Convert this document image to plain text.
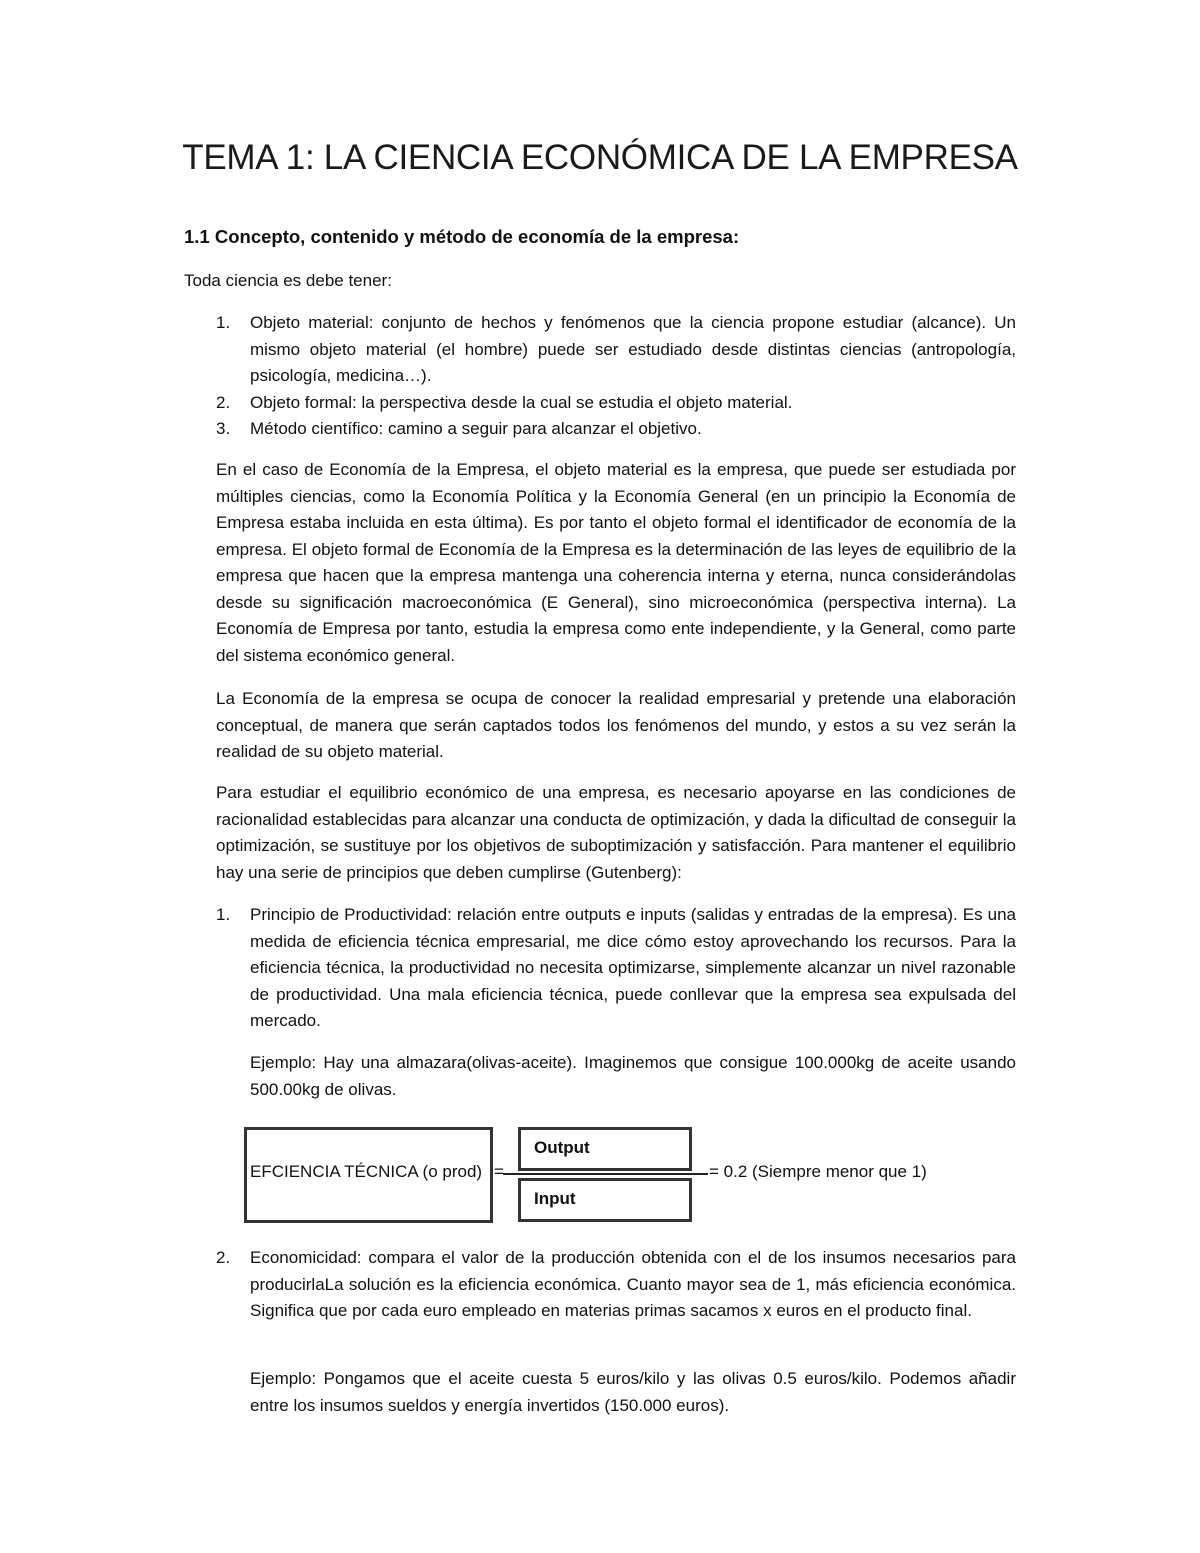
TEMA 1: LA CIENCIA ECONÓMICA DE LA EMPRESA
1.1 Concepto, contenido y método de economía de la empresa:
Toda ciencia es debe tener:
1. Objeto material: conjunto de hechos y fenómenos que la ciencia propone estudiar (alcance). Un mismo objeto material (el hombre) puede ser estudiado desde distintas ciencias (antropología, psicología, medicina…).
2. Objeto formal: la perspectiva desde la cual se estudia el objeto material.
3. Método científico: camino a seguir para alcanzar el objetivo.
En el caso de Economía de la Empresa, el objeto material es la empresa, que puede ser estudiada por múltiples ciencias, como la Economía Política y la Economía General (en un principio la Economía de Empresa estaba incluida en esta última). Es por tanto el objeto formal el identificador de economía de la empresa. El objeto formal de Economía de la Empresa es la determinación de las leyes de equilibrio de la empresa que hacen que la empresa mantenga una coherencia interna y eterna, nunca considerándolas desde su significación macroeconómica (E General), sino microeconómica (perspectiva interna). La Economía de Empresa por tanto, estudia la empresa como ente independiente, y la General, como parte del sistema económico general.
La Economía de la empresa se ocupa de conocer la realidad empresarial y pretende una elaboración conceptual, de manera que serán captados todos los fenómenos del mundo, y estos a su vez serán la realidad de su objeto material.
Para estudiar el equilibrio económico de una empresa, es necesario apoyarse en las condiciones de racionalidad establecidas para alcanzar una conducta de optimización, y dada la dificultad de conseguir la optimización, se sustituye por los objetivos de suboptimización y satisfacción. Para mantener el equilibrio hay una serie de principios que deben cumplirse (Gutenberg):
1. Principio de Productividad: relación entre outputs e inputs (salidas y entradas de la empresa). Es una medida de eficiencia técnica empresarial, me dice cómo estoy aprovechando los recursos. Para la eficiencia técnica, la productividad no necesita optimizarse, simplemente alcanzar un nivel razonable de productividad. Una mala eficiencia técnica, puede conllevar que la empresa sea expulsada del mercado.
Ejemplo: Hay una almazara(olivas-aceite). Imaginemos que consigue 100.000kg de aceite usando 500.00kg de olivas.
EFCIENCIA TÉCNICA (o prod) =
Output
Input
= 0.2 (Siempre menor que 1)
2. Economicidad: compara el valor de la producción obtenida con el de los insumos necesarios para producirlaLa solución es la eficiencia económica. Cuanto mayor sea de 1, más eficiencia económica. Significa que por cada euro empleado en materias primas sacamos x euros en el producto final.
Ejemplo: Pongamos que el aceite cuesta 5 euros/kilo y las olivas 0.5 euros/kilo. Podemos añadir entre los insumos sueldos y energía invertidos (150.000 euros).
